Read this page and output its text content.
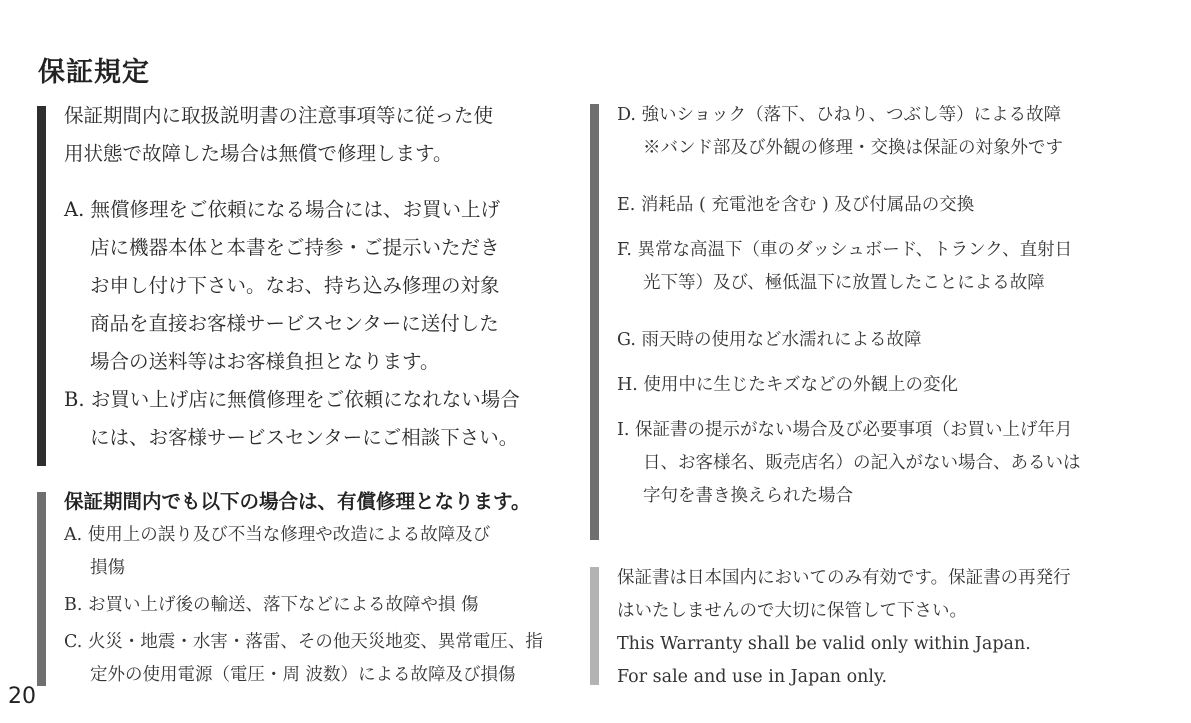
保証規定
保証期間内に取扱説明書の注意事項等に従った使
用状態で故障した場合は無償で修理します。
A. 無償修理をご依頼になる場合には、お買い上げ
店に機器本体と本書をご持参・ご提示いただき
お申し付け下さい。なお、持ち込み修理の対象
商品を直接お客様サービスセンターに送付した
場合の送料等はお客様負担となります。
B. お買い上げ店に無償修理をご依頼になれない場合
には、お客様サービスセンターにご相談下さい。
保証期間内でも以下の場合は、有償修理となります。
A. 使用上の誤り及び不当な修理や改造による故障及び
損傷
B. お買い上げ後の輸送、落下などによる故障や損 傷
C. 火災・地震・水害・落雷、その他天災地変、異常電圧、指
定外の使用電源（電圧・周 波数）による故障及び損傷
D. 強いショック（落下、ひねり、つぶし等）による故障
※バンド部及び外観の修理・交換は保証の対象外です
E. 消耗品 ( 充電池を含む ) 及び付属品の交換
F. 異常な高温下（車のダッシュボード、トランク、直射日
光下等）及び、極低温下に放置したことによる故障
G. 雨天時の使用など水濡れによる故障
H. 使用中に生じたキズなどの外観上の変化
I. 保証書の提示がない場合及び必要事項（お買い上げ年月
日、お客様名、販売店名）の記入がない場合、あるいは
字句を書き換えられた場合
保証書は日本国内においてのみ有効です。保証書の再発行
はいたしませんので大切に保管して下さい。
This Warranty shall be valid only within Japan.
For sale and use in Japan only.
20
